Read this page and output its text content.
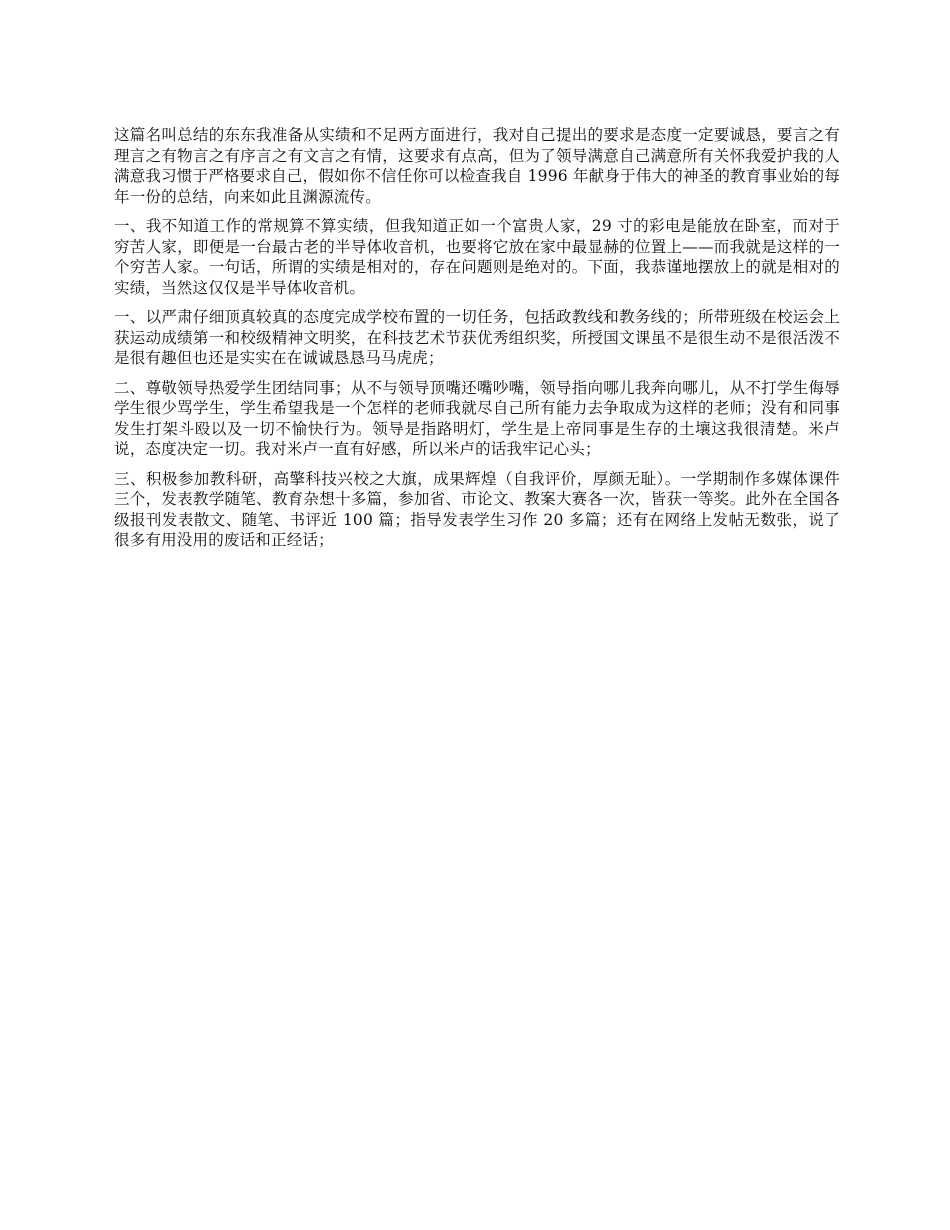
这篇名叫总结的东东我准备从实绩和不足两方面进行，我对自己提出的要求是态度一定要诚恳，要言之有理言之有物言之有序言之有文言之有情，这要求有点高，但为了领导满意自己满意所有关怀我爱护我的人满意我习惯于严格要求自己，假如你不信任你可以检查我自 1996 年献身于伟大的神圣的教育事业始的每年一份的总结，向来如此且渊源流传。

一、我不知道工作的常规算不算实绩，但我知道正如一个富贵人家，29 寸的彩电是能放在卧室，而对于穷苦人家，即便是一台最古老的半导体收音机，也要将它放在家中最显赫的位置上——而我就是这样的一个穷苦人家。一句话，所谓的实绩是相对的，存在问题则是绝对的。下面，我恭谨地摆放上的就是相对的实绩，当然这仅仅是半导体收音机。

一、以严肃仔细顶真较真的态度完成学校布置的一切任务，包括政教线和教务线的；所带班级在校运会上获运动成绩第一和校级精神文明奖，在科技艺术节获优秀组织奖，所授国文课虽不是很生动不是很活泼不是很有趣但也还是实实在在诚诚恳恳马马虎虎；

二、尊敬领导热爱学生团结同事；从不与领导顶嘴还嘴吵嘴，领导指向哪儿我奔向哪儿，从不打学生侮辱学生很少骂学生，学生希望我是一个怎样的老师我就尽自己所有能力去争取成为这样的老师；没有和同事发生打架斗殴以及一切不愉快行为。领导是指路明灯，学生是上帝同事是生存的土壤这我很清楚。米卢说，态度决定一切。我对米卢一直有好感，所以米卢的话我牢记心头；

三、积极参加教科研，高擎科技兴校之大旗，成果辉煌（自我评价，厚颜无耻）。一学期制作多媒体课件三个，发表教学随笔、教育杂想十多篇，参加省、市论文、教案大赛各一次，皆获一等奖。此外在全国各级报刊发表散文、随笔、书评近 100 篇；指导发表学生习作 20 多篇；还有在网络上发帖无数张，说了很多有用没用的废话和正经话；
